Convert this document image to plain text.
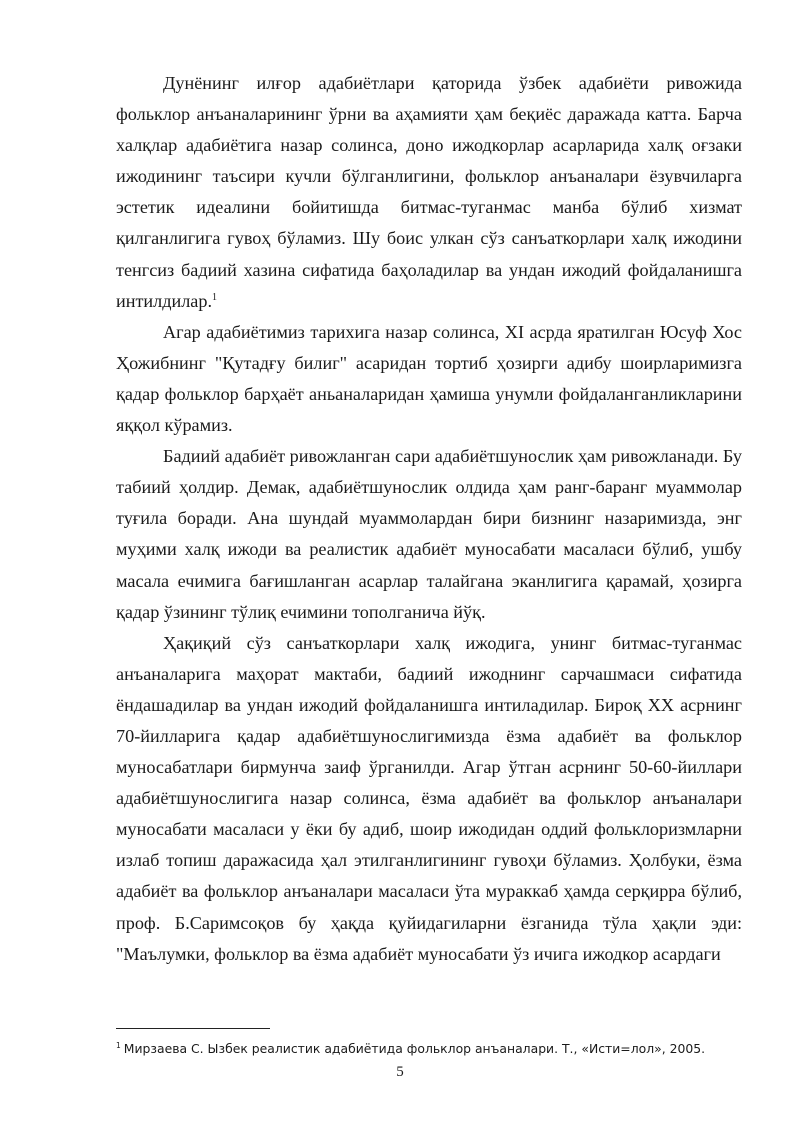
Дунёнинг илғор адабиётлари қаторида ўзбек адабиёти ривожида фольклор анъаналарининг ўрни ва аҳамияти ҳам беқиёс даражада катта. Барча халқлар адабиётига назар солинса, доно ижодкорлар асарларида халқ оғзаки ижодининг таъсири кучли бўлганлигини, фольклор анъаналари ёзувчиларга эстетик идеалини бойитишда битмас-туганмас манба бўлиб хизмат қилганлигига гувоҳ бўламиз. Шу боис улкан сўз санъаткорлари халқ ижодини тенгсиз бадиий хазина сифатида баҳоладилар ва ундан ижодий фойдаланишга интилдилар.$^1$

Агар адабиётимиз тарихига назар солинса, XI асрда яратилган Юсуф Хос Ҳожибнинг "Қутадғу билиг" асаридан тортиб ҳозирги адибу шоирларимизга қадар фольклор барҳаёт аньаналаридан ҳамиша унумли фойдаланганликларини яққол кўрамиз.

Бадиий адабиёт ривожланган сари адабиётшунослик ҳам ривожланади. Бу табиий ҳолдир. Демак, адабиётшунослик олдида ҳам ранг-баранг муаммолар туғила боради. Ана шундай муаммолардан бири бизнинг назаримизда, энг муҳими халқ ижоди ва реалистик адабиёт муносабати масаласи бўлиб, ушбу масала ечимига бағишланган асарлар талайгана эканлигига қарамай, ҳозирга қадар ўзининг тўлиқ ечимини тополганича йўқ.

Ҳақиқий сўз санъаткорлари халқ ижодига, унинг битмас-туганмас анъаналарига маҳорат мактаби, бадиий ижоднинг сарчашмаси сифатида ёндашадилар ва ундан ижодий фойдаланишга интиладилар. Бироқ XX асрнинг 70-йилларига қадар адабиётшунослигимизда ёзма адабиёт ва фольклор муносабатлари бирмунча заиф ўрганилди. Агар ўтган асрнинг 50-60-йиллари адабиётшунослигига назар солинса, ёзма адабиёт ва фольклор анъаналари муносабати масаласи у ёки бу адиб, шоир ижодидан оддий фольклоризмларни излаб топиш даражасида ҳал этилганлигининг гувоҳи бўламиз. Ҳолбуки, ёзма адабиёт ва фольклор анъаналари масаласи ўта мураккаб ҳамда серқирра бўлиб, проф. Б.Саримсоқов бу ҳақда қуйидагиларни ёзганида тўла ҳақли эди: "Маълумки, фольклор ва ёзма адабиёт муносабати ўз ичига ижодкор асардаги

$^1$ Мирзаева С. Ызбек реалистик адабиётида фольклор анъаналари. Т., «Исти=лол», 2005.
5
